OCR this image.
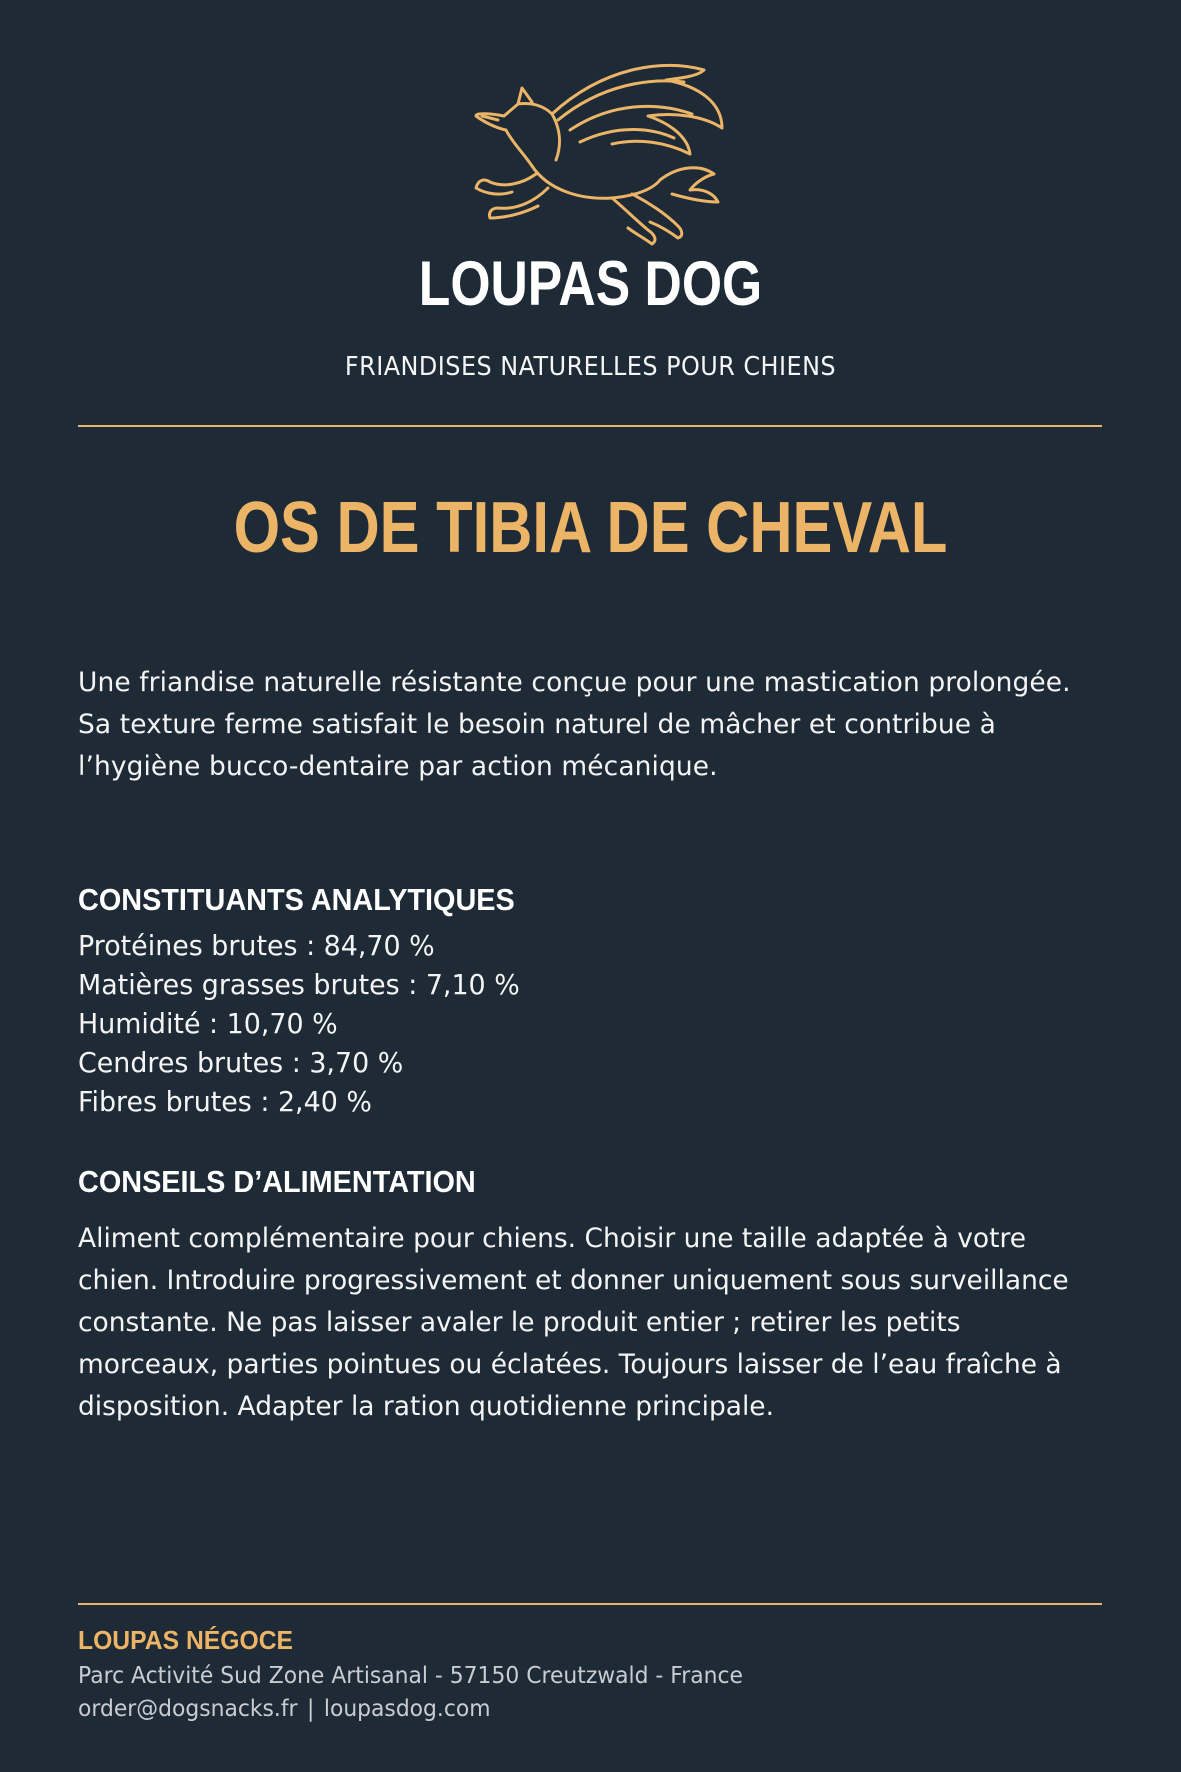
LOUPAS DOG
FRIANDISES NATURELLES POUR CHIENS
OS DE TIBIA DE CHEVAL

Une friandise naturelle résistante conçue pour une mastication prolongée. Sa texture ferme satisfait le besoin naturel de mâcher et contribue à l’hygiène bucco-dentaire par action mécanique.

CONSTITUANTS ANALYTIQUES
Protéines brutes : 84,70 %
Matières grasses brutes : 7,10 %
Humidité : 10,70 %
Cendres brutes : 3,70 %
Fibres brutes : 2,40 %
CONSEILS D’ALIMENTATION

Aliment complémentaire pour chiens. Choisir une taille adaptée à votre chien. Introduire progressivement et donner uniquement sous surveillance constante. Ne pas laisser avaler le produit entier ; retirer les petits morceaux, parties pointues ou éclatées. Toujours laisser de l’eau fraîche à disposition. Adapter la ration quotidienne principale.

LOUPAS NÉGOCE
Parc Activité Sud Zone Artisanal - 57150 Creutzwald - France
order@dogsnacks.fr | loupasdog.com
